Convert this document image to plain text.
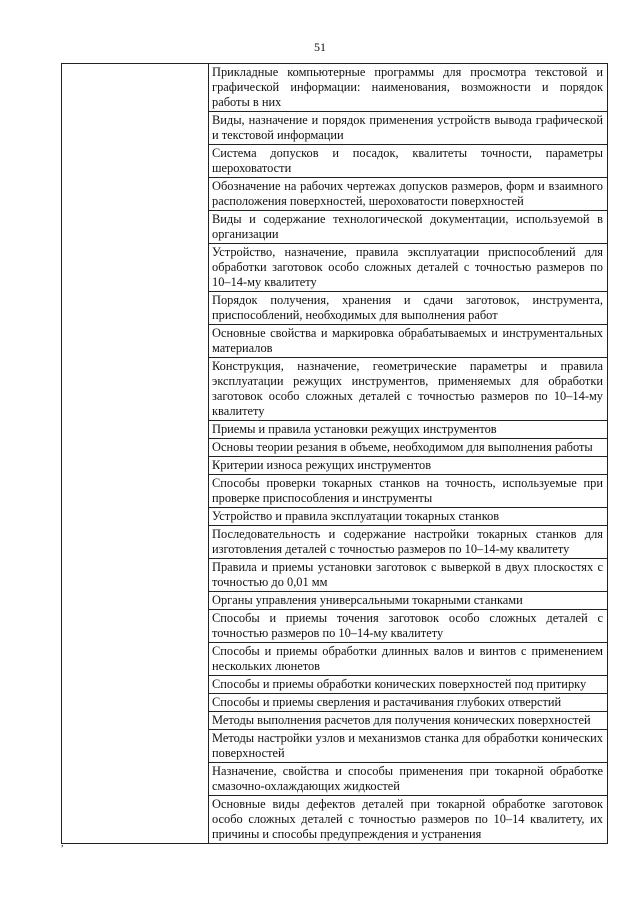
51

Прикладные компьютерные программы для просмотра текстовой и графической информации: наименования, возможности и порядок работы в них
Виды, назначение и порядок применения устройств вывода графической и текстовой информации
Система допусков и посадок, квалитеты точности, параметры шероховатости
Обозначение на рабочих чертежах допусков размеров, форм и взаимного расположения поверхностей, шероховатости поверхностей
Виды и содержание технологической документации, используемой в организации
Устройство, назначение, правила эксплуатации приспособлений для обработки заготовок особо сложных деталей с точностью размеров по 10–14-му квалитету
Порядок получения, хранения и сдачи заготовок, инструмента, приспособлений, необходимых для выполнения работ
Основные свойства и маркировка обрабатываемых и инструментальных материалов
Конструкция, назначение, геометрические параметры и правила эксплуатации режущих инструментов, применяемых для обработки заготовок особо сложных деталей с точностью размеров по 10–14-му квалитету
Приемы и правила установки режущих инструментов
Основы теории резания в объеме, необходимом для выполнения работы
Критерии износа режущих инструментов
Способы проверки токарных станков на точность, используемые при проверке приспособления и инструменты
Устройство и правила эксплуатации токарных станков
Последовательность и содержание настройки токарных станков для изготовления деталей с точностью размеров по 10–14-му квалитету
Правила и приемы установки заготовок с выверкой в двух плоскостях с точностью до 0,01 мм
Органы управления универсальными токарными станками
Способы и приемы точения заготовок особо сложных деталей с точностью размеров по 10–14-му квалитету
Способы и приемы обработки длинных валов и винтов с применением нескольких люнетов
Способы и приемы обработки конических поверхностей под притирку
Способы и приемы сверления и растачивания глубоких отверстий
Методы выполнения расчетов для получения конических поверхностей
Методы настройки узлов и механизмов станка для обработки конических поверхностей
Назначение, свойства и способы применения при токарной обработке смазочно-охлаждающих жидкостей
Основные виды дефектов деталей при токарной обработке заготовок особо сложных деталей с точностью размеров по 10–14 квалитету, их причины и способы предупреждения и устранения
,
